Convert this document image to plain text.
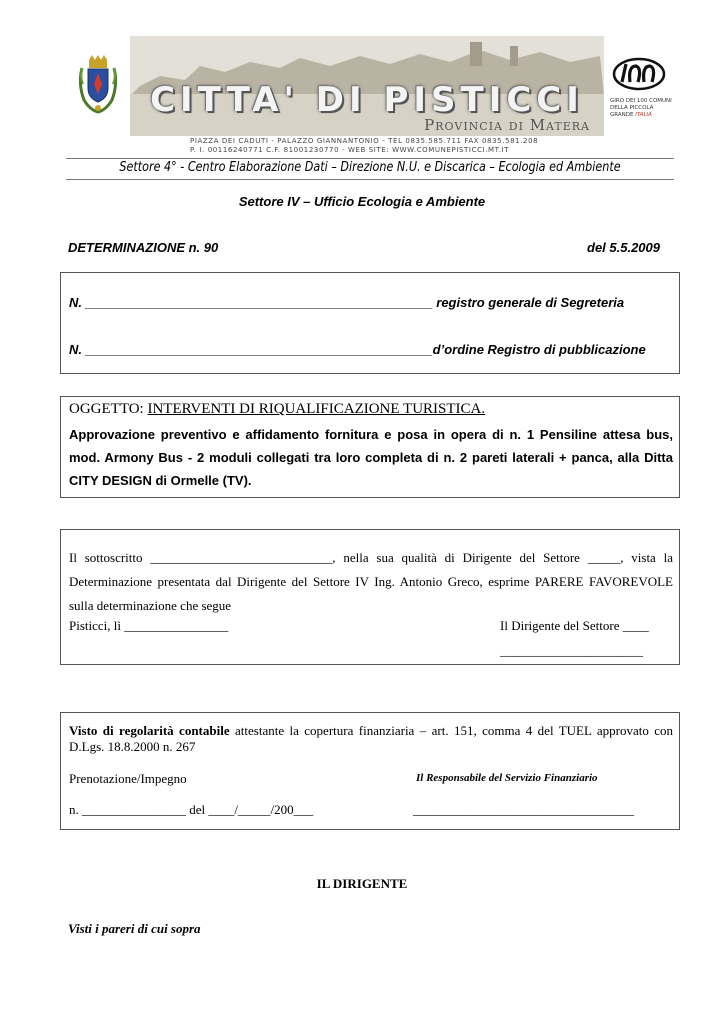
CITTA' DI PISTICCI
Provincia di Matera
PIAZZA DEI CADUTI - PALAZZO GIANNANTONIO - TEL 0835.585.711 FAX 0835.581.208
P. I. 00116240771 C.F. 81001230770 - WEB SITE: WWW.COMUNEPISTICCI.MT.IT
GIRO DEI 100 COMUNI
DELLA PICCOLA
GRANDE ITALIA
Settore 4° - Centro Elaborazione Dati – Direzione N.U. e Discarica – Ecologia ed Ambiente
Settore IV – Ufficio Ecologia e Ambiente
DETERMINAZIONE n. 90	del 5.5.2009
N. ________________________________________________ registro generale di Segreteria
N. ________________________________________________d’ordine Registro di pubblicazione
OGGETTO: INTERVENTI DI RIQUALIFICAZIONE TURISTICA.
Approvazione preventivo e affidamento fornitura e posa in opera di n. 1 Pensiline attesa bus, mod. Armony Bus - 2 moduli collegati tra loro completa di n. 2 pareti laterali + panca, alla Ditta CITY DESIGN di Ormelle (TV).
Il sottoscritto ____________________________, nella sua qualità di Dirigente del Settore _____, vista la Determinazione presentata dal Dirigente del Settore IV Ing. Antonio Greco, esprime PARERE FAVOREVOLE sulla determinazione che segue
Pisticci, lì ________________	Il Dirigente del Settore ____
______________________
Visto di regolarità contabile attestante la copertura finanziaria – art. 151, comma 4 del TUEL approvato con D.Lgs. 18.8.2000 n. 267
Prenotazione/Impegno	Il Responsabile del Servizio Finanziario
n. ________________ del ____/_____/200___	__________________________________
IL DIRIGENTE
Visti i pareri di cui sopra
